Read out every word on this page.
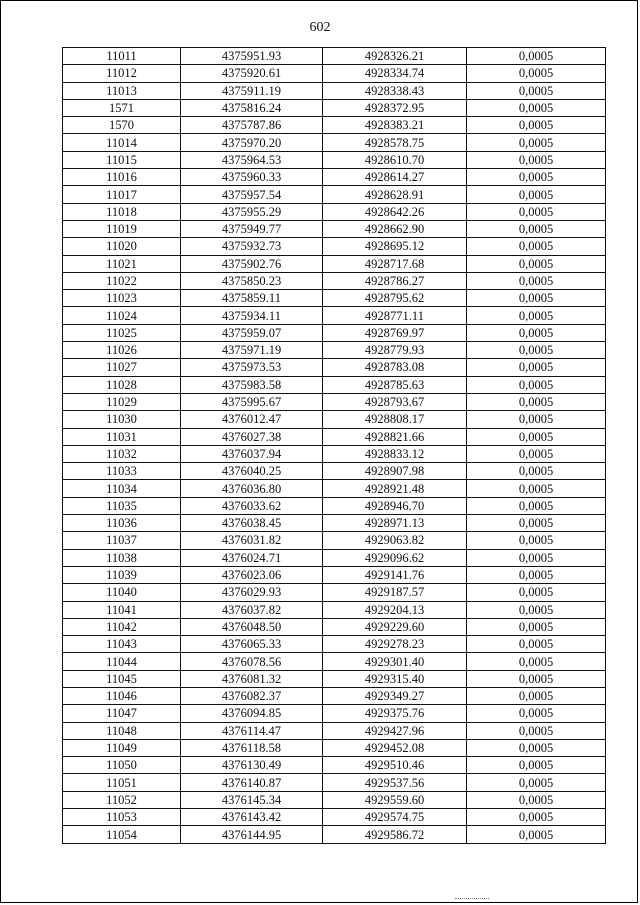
602
11011	4375951.93	4928326.21	0,0005
11012	4375920.61	4928334.74	0,0005
11013	4375911.19	4928338.43	0,0005
1571	4375816.24	4928372.95	0,0005
1570	4375787.86	4928383.21	0,0005
11014	4375970.20	4928578.75	0,0005
11015	4375964.53	4928610.70	0,0005
11016	4375960.33	4928614.27	0,0005
11017	4375957.54	4928628.91	0,0005
11018	4375955.29	4928642.26	0,0005
11019	4375949.77	4928662.90	0,0005
11020	4375932.73	4928695.12	0,0005
11021	4375902.76	4928717.68	0,0005
11022	4375850.23	4928786.27	0,0005
11023	4375859.11	4928795.62	0,0005
11024	4375934.11	4928771.11	0,0005
11025	4375959.07	4928769.97	0,0005
11026	4375971.19	4928779.93	0,0005
11027	4375973.53	4928783.08	0,0005
11028	4375983.58	4928785.63	0,0005
11029	4375995.67	4928793.67	0,0005
11030	4376012.47	4928808.17	0,0005
11031	4376027.38	4928821.66	0,0005
11032	4376037.94	4928833.12	0,0005
11033	4376040.25	4928907.98	0,0005
11034	4376036.80	4928921.48	0,0005
11035	4376033.62	4928946.70	0,0005
11036	4376038.45	4928971.13	0,0005
11037	4376031.82	4929063.82	0,0005
11038	4376024.71	4929096.62	0,0005
11039	4376023.06	4929141.76	0,0005
11040	4376029.93	4929187.57	0,0005
11041	4376037.82	4929204.13	0,0005
11042	4376048.50	4929229.60	0,0005
11043	4376065.33	4929278.23	0,0005
11044	4376078.56	4929301.40	0,0005
11045	4376081.32	4929315.40	0,0005
11046	4376082.37	4929349.27	0,0005
11047	4376094.85	4929375.76	0,0005
11048	4376114.47	4929427.96	0,0005
11049	4376118.58	4929452.08	0,0005
11050	4376130.49	4929510.46	0,0005
11051	4376140.87	4929537.56	0,0005
11052	4376145.34	4929559.60	0,0005
11053	4376143.42	4929574.75	0,0005
11054	4376144.95	4929586.72	0,0005
